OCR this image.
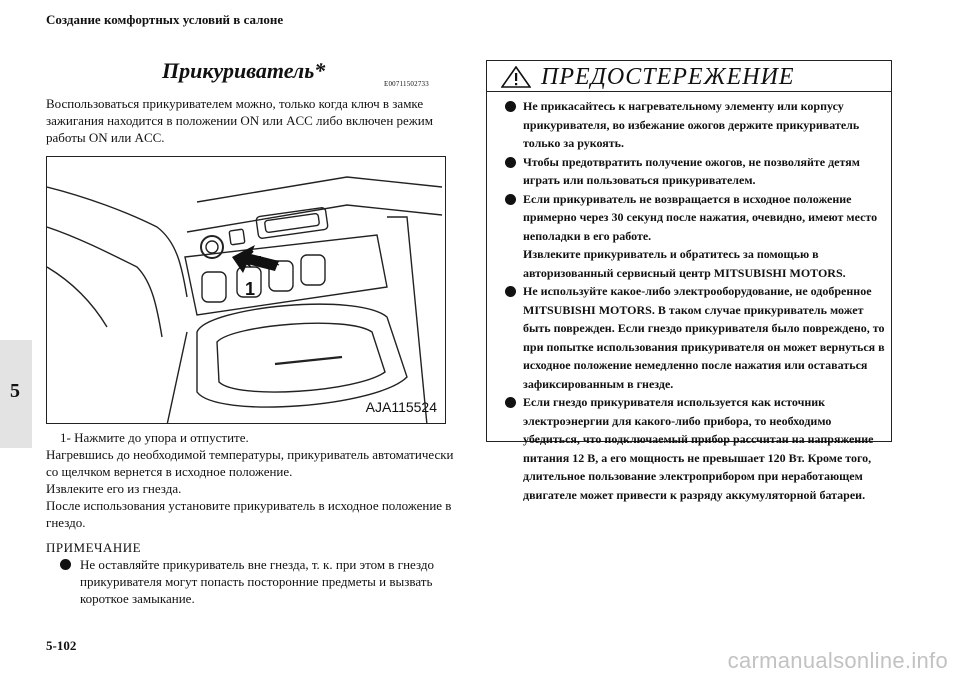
Создание комфортных условий в салоне
5
Прикуриватель*
E00711502733
Воспользоваться прикуривателем можно, только когда ключ в замке зажигания находится в положении ON или ACC либо включен режим работы ON или ACC.
1
AJA115524
1- Нажмите до упора и отпустите.

Нагревшись до необходимой температуры, прикуриватель автоматически со щелчком вернется в исходное положение.

Извлеките его из гнезда.

После использования установите прикуриватель в исходное положение в гнездо.

ПРИМЕЧАНИЕ
Не оставляйте прикуриватель вне гнезда, т. к. при этом в гнездо прикуривателя могут попасть посторонние предметы и вызвать короткое замыкание.
ПРЕДОСТЕРЕЖЕНИЕ
Не прикасайтесь к нагревательному элементу или корпусу прикуривателя, во избежание ожогов держите прикуриватель только за рукоять.
Чтобы предотвратить получение ожогов, не позволяйте детям играть или пользоваться прикуривателем.
Если прикуриватель не возвращается в исходное положение примерно через 30 секунд после нажатия, очевидно, имеют место неполадки в его работе.
Извлеките прикуриватель и обратитесь за помощью в авторизованный сервисный центр MITSUBISHI MOTORS.
Не используйте какое-либо электрооборудование, не одобренное MITSUBISHI MOTORS. В таком случае прикуриватель может быть поврежден. Если гнездо прикуривателя было повреждено, то при попытке использования прикуривателя он может вернуться в исходное положение немедленно после нажатия или оставаться зафиксированным в гнезде.
Если гнездо прикуривателя используется как источник электроэнергии для какого-либо прибора, то необходимо убедиться, что подключаемый прибор рассчитан на напряжение питания 12 В, а его мощность не превышает 120 Вт. Кроме того, длительное пользование электроприбором при неработающем двигателе может привести к разряду аккумуляторной батареи.
5-102
carmanualsonline.info
